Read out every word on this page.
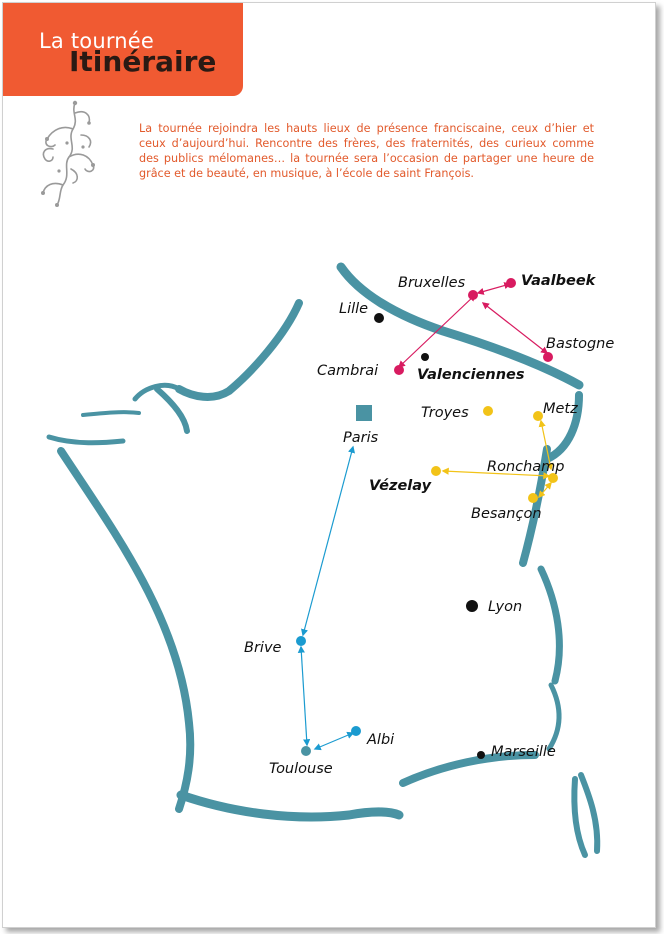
La tournée
Itinéraire

La tournée rejoindra les hauts lieux de présence franciscaine, ceux d’hier et ceux d’aujourd’hui. Rencontre des frères, des fraternités, des curieux comme des publics mélomanes… la tournée sera l’occasion de partager une heure de grâce et de beauté, en musique, à l’école de saint François.

Bruxelles	Vaalbeek
Lille
Bastogne
Cambrai	Valenciennes
Troyes	Metz
Paris
Ronchamp
Vézelay
Besançon
Lyon
Brive
Albi
Marseille
Toulouse
